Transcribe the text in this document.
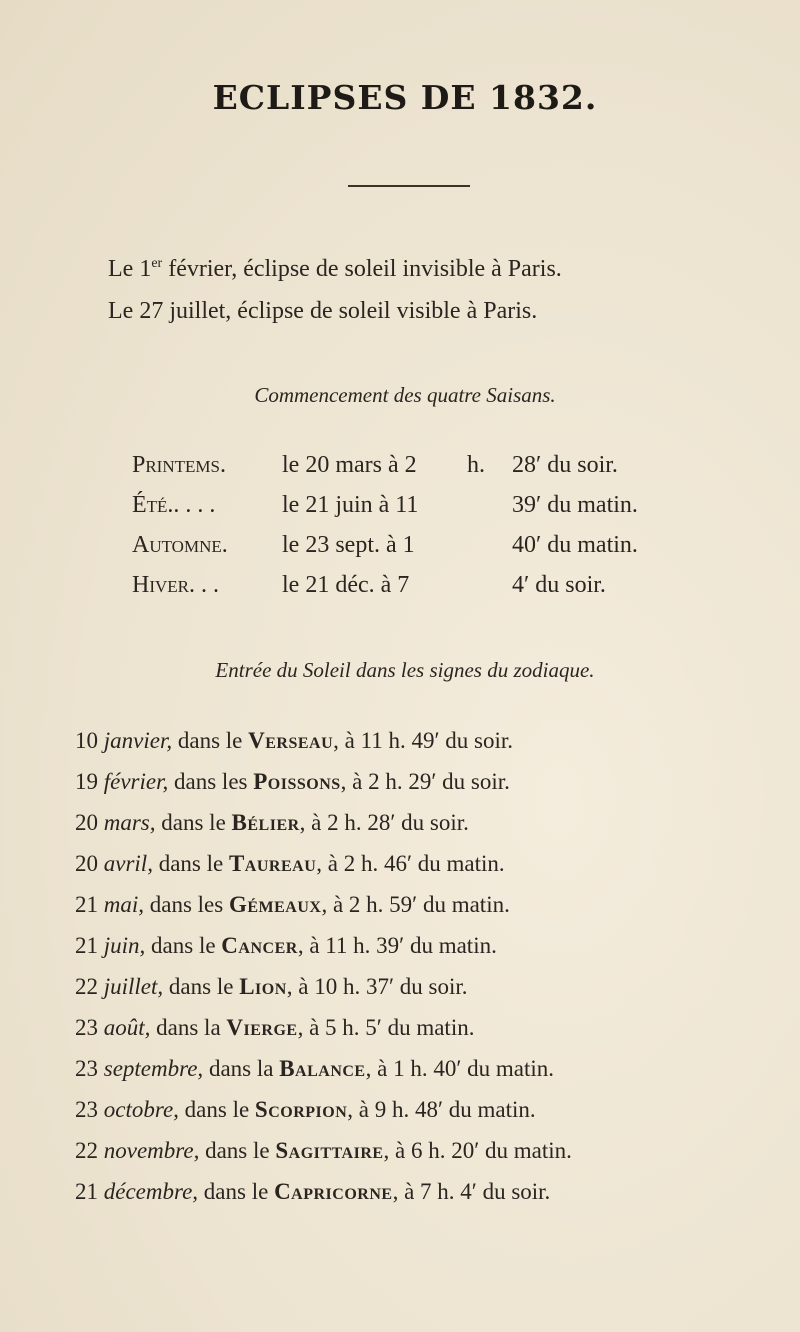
ECLIPSES DE 1832.
Le 1er février, éclipse de soleil invisible à Paris.
Le 27 juillet, éclipse de soleil visible à Paris.
Commencement des quatre Saisans.
Printems. le 20 mars à 2 h. 28′ du soir.
Été.. . . .	le 21 juin à 11	39′ du matin.
Automne. le 23 sept. à 1	40′ du matin.
Hiver. . .	le 21 déc. à 7	4′ du soir.
Entrée du Soleil dans les signes du zodiaque.
10 janvier, dans le Verseau, à 11 h. 49′ du soir.
19 février, dans les Poissons, à 2 h. 29′ du soir.
20 mars, dans le Bélier, à 2 h. 28′ du soir.
20 avril, dans le Taureau, à 2 h. 46′ du matin.
21 mai, dans les Gémeaux, à 2 h. 59′ du matin.
21 juin, dans le Cancer, à 11 h. 39′ du matin.
22 juillet, dans le Lion, à 10 h. 37′ du soir.
23 août, dans la Vierge, à 5 h. 5′ du matin.
23 septembre, dans la Balance, à 1 h. 40′ du matin.
23 octobre, dans le Scorpion, à 9 h. 48′ du matin.
22 novembre, dans le Sagittaire, à 6 h. 20′ du matin.
21 décembre, dans le Capricorne, à 7 h. 4′ du soir.
